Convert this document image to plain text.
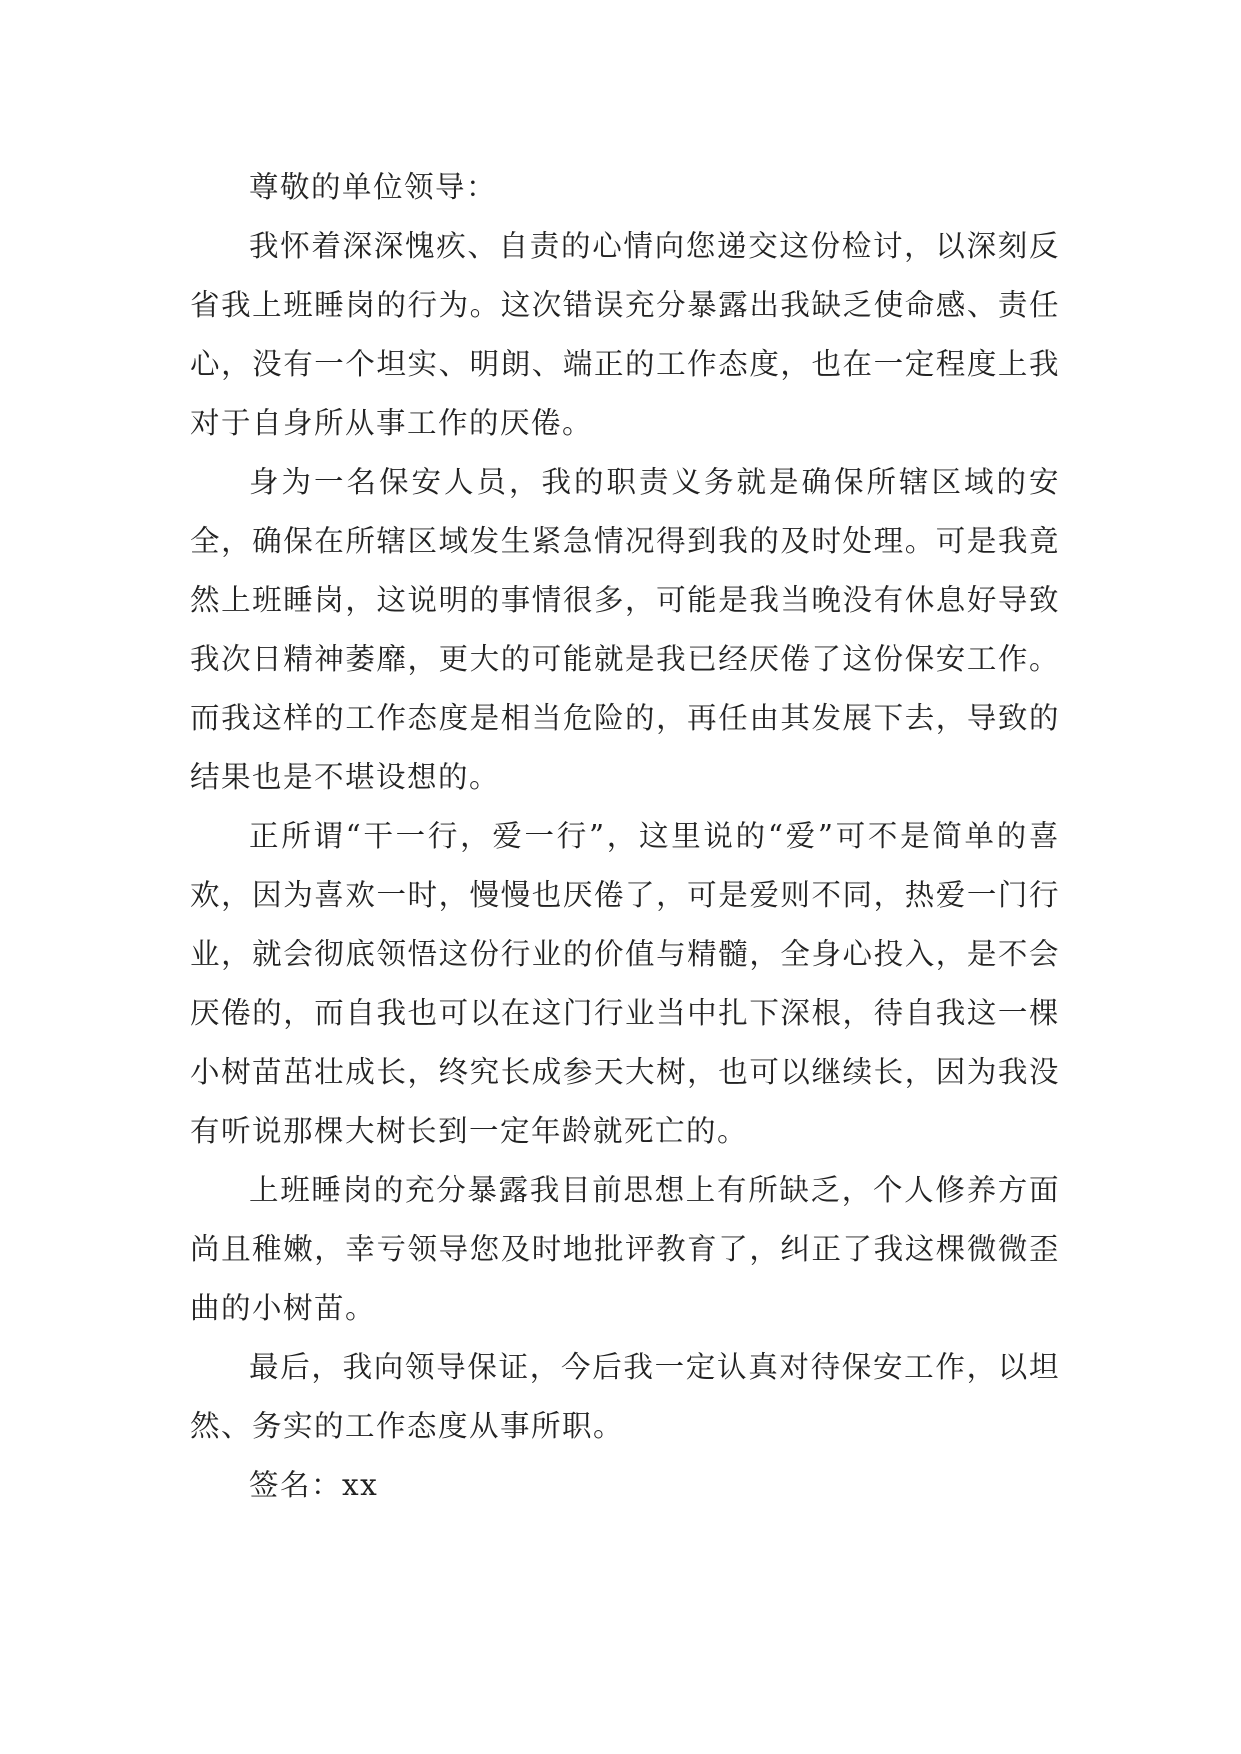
尊敬的单位领导：

我怀着深深愧疚、自责的心情向您递交这份检讨，以深刻反省我上班睡岗的行为。这次错误充分暴露出我缺乏使命感、责任心，没有一个坦实、明朗、端正的工作态度，也在一定程度上我对于自身所从事工作的厌倦。

身为一名保安人员，我的职责义务就是确保所辖区域的安全，确保在所辖区域发生紧急情况得到我的及时处理。可是我竟然上班睡岗，这说明的事情很多，可能是我当晚没有休息好导致我次日精神萎靡，更大的可能就是我已经厌倦了这份保安工作。而我这样的工作态度是相当危险的，再任由其发展下去，导致的结果也是不堪设想的。

正所谓“干一行，爱一行”，这里说的“爱”可不是简单的喜欢，因为喜欢一时，慢慢也厌倦了，可是爱则不同，热爱一门行业，就会彻底领悟这份行业的价值与精髓，全身心投入，是不会厌倦的，而自我也可以在这门行业当中扎下深根，待自我这一棵小树苗茁壮成长，终究长成参天大树，也可以继续长，因为我没有听说那棵大树长到一定年龄就死亡的。

上班睡岗的充分暴露我目前思想上有所缺乏，个人修养方面尚且稚嫩，幸亏领导您及时地批评教育了，纠正了我这棵微微歪曲的小树苗。

最后，我向领导保证，今后我一定认真对待保安工作，以坦然、务实的工作态度从事所职。

签名：xx
